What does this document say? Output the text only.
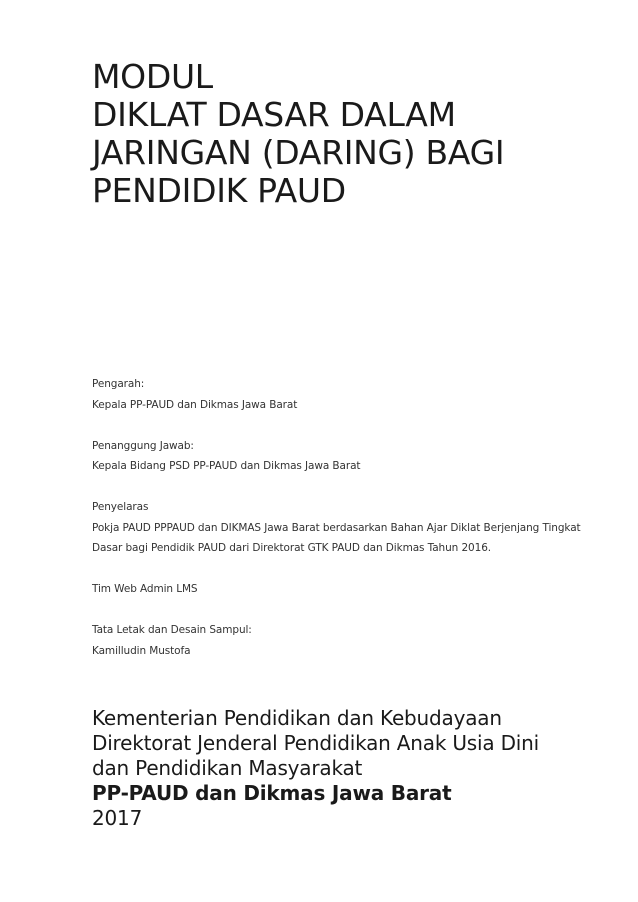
MODUL
DIKLAT DASAR DALAM
JARINGAN (DARING) BAGI
PENDIDIK PAUD
Pengarah:
Kepala PP-PAUD dan Dikmas Jawa Barat
Penanggung Jawab:
Kepala Bidang PSD PP-PAUD dan Dikmas Jawa Barat
Penyelaras
Pokja PAUD PPPAUD dan DIKMAS Jawa Barat berdasarkan Bahan Ajar Diklat Berjenjang Tingkat
Dasar bagi Pendidik PAUD dari Direktorat GTK PAUD dan Dikmas Tahun 2016.
Tim Web Admin LMS
Tata Letak dan Desain Sampul:
Kamilludin Mustofa
Kementerian Pendidikan dan Kebudayaan
Direktorat Jenderal Pendidikan Anak Usia Dini
dan Pendidikan Masyarakat
PP-PAUD dan Dikmas Jawa Barat
2017
